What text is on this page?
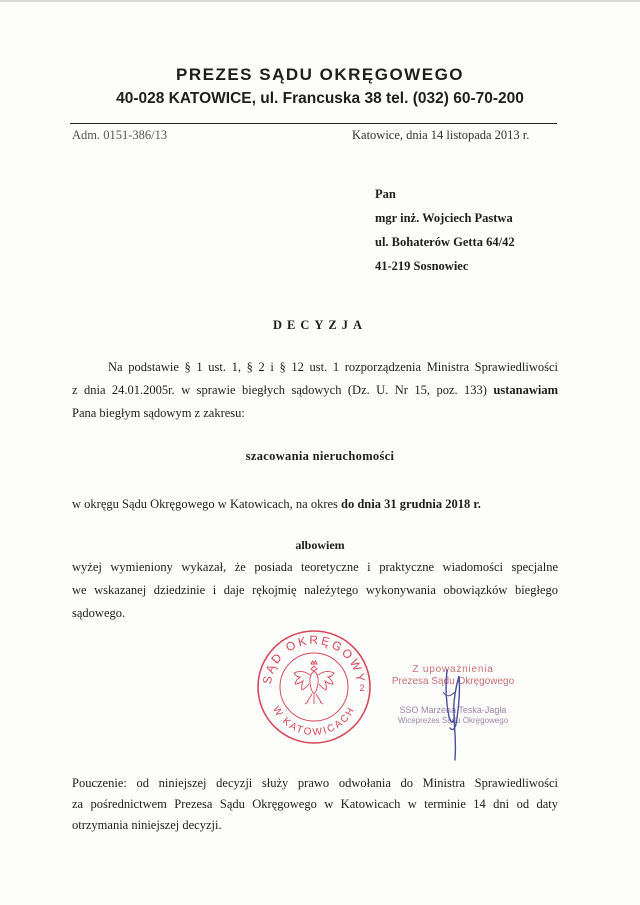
PREZES SĄDU OKRĘGOWEGO
40-028 KATOWICE, ul. Francuska 38 tel. (032) 60-70-200
Adm. 0151-386/13	Katowice, dnia 14 listopada 2013 r.
Pan
mgr inż. Wojciech Pastwa
ul. Bohaterów Getta 64/42
41-219 Sosnowiec
DECYZJA
Na podstawie § 1 ust. 1, § 2 i § 12 ust. 1 rozporządzenia Ministra Sprawiedliwości
z dnia 24.01.2005r. w sprawie biegłych sądowych (Dz. U. Nr 15, poz. 133) ustanawiam
Pana biegłym sądowym z zakresu:
szacowania nieruchomości
w okręgu Sądu Okręgowego w Katowicach, na okres do dnia 31 grudnia 2018 r.
albowiem
wyżej wymieniony wykazał, że posiada teoretyczne i praktyczne wiadomości specjalne
we wskazanej dziedzinie i daje rękojmię należytego wykonywania obowiązków biegłego
sądowego.
SĄD OKRĘGOWY
W KATOWICACH
2
Z upoważnienia
Prezesa Sądu Okręgowego
SSO Marzena Teska-Jagła
Wiceprezes Sądu Okręgowego
Pouczenie: od niniejszej decyzji służy prawo odwołania do Ministra Sprawiedliwości
za pośrednictwem Prezesa Sądu Okręgowego w Katowicach w terminie 14 dni od daty
otrzymania niniejszej decyzji.
